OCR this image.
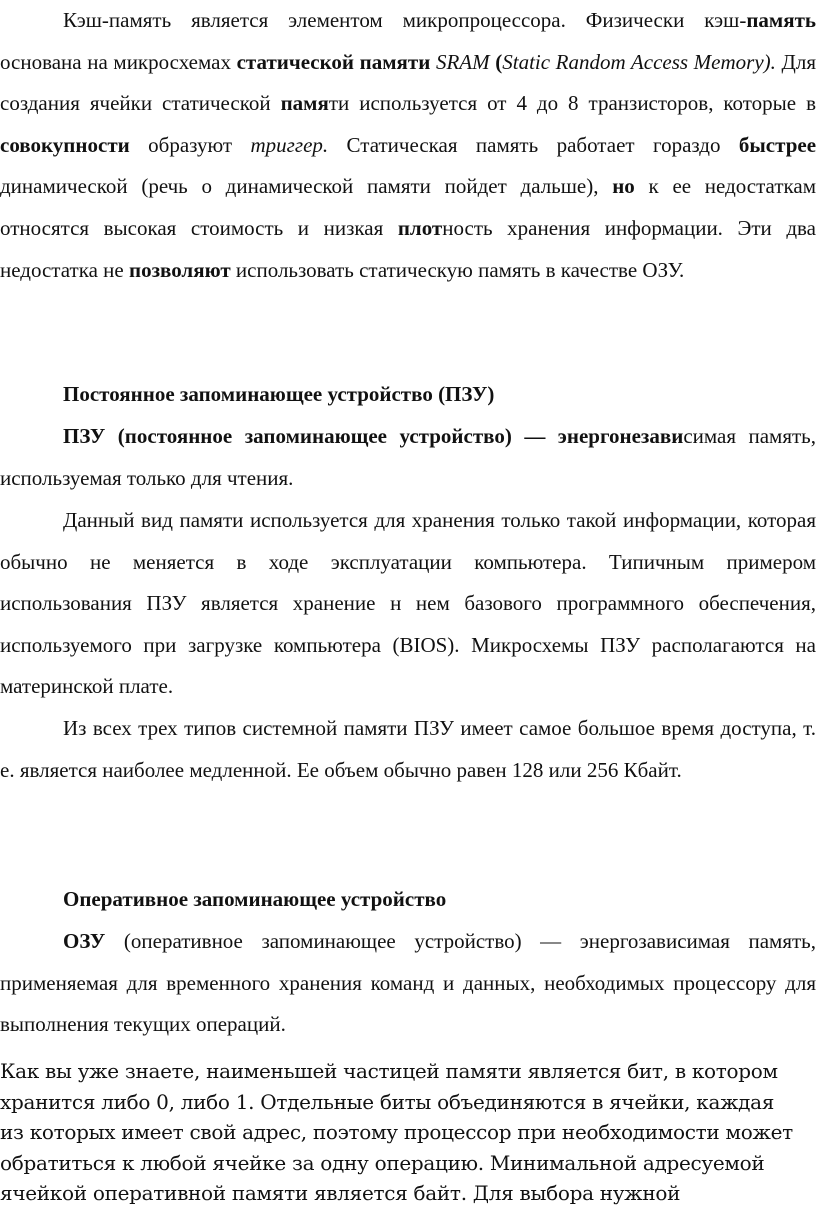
Кэш-память является элементом микропроцессора. Физически кэш-память основана на микросхемах статической памяти SRAM (Static Random Access Memory). Для создания ячейки статической памяти используется от 4 до 8 транзисторов, которые в совокупности образуют триггер. Статическая память работает гораздо быстрее динамической (речь о динамической памяти пойдет дальше), но к ее недостаткам относятся высокая стоимость и низкая плотность хранения информации. Эти два недостатка не позволяют использовать статическую память в качестве ОЗУ.

Постоянное запоминающее устройство (ПЗУ)

ПЗУ (постоянное запоминающее устройство) — энергонезависимая память, используемая только для чтения.

Данный вид памяти используется для хранения только такой информации, которая обычно не меняется в ходе эксплуатации компьютера. Типичным примером использования ПЗУ является хранение н нем базового программного обеспечения, используемого при загрузке компьютера (BIOS). Микросхемы ПЗУ располагаются на материнской плате.

Из всех трех типов системной памяти ПЗУ имеет самое большое время доступа, т. е. является наиболее медленной. Ее объем обычно равен 128 или 256 Кбайт.

Оперативное запоминающее устройство

ОЗУ (оперативное запоминающее устройство) — энергозависимая память, применяемая для временного хранения команд и данных, необходимых процессору для выполнения текущих операций.

Как вы уже знаете, наименьшей частицей памяти является бит, в котором хранится либо 0, либо 1. Отдельные биты объединяются в ячейки, каждая из которых имеет свой адрес, поэтому процессор при необходимости может обратиться к любой ячейке за одну операцию. Минимальной адресуемой ячейкой оперативной памяти является байт. Для выбора нужной
